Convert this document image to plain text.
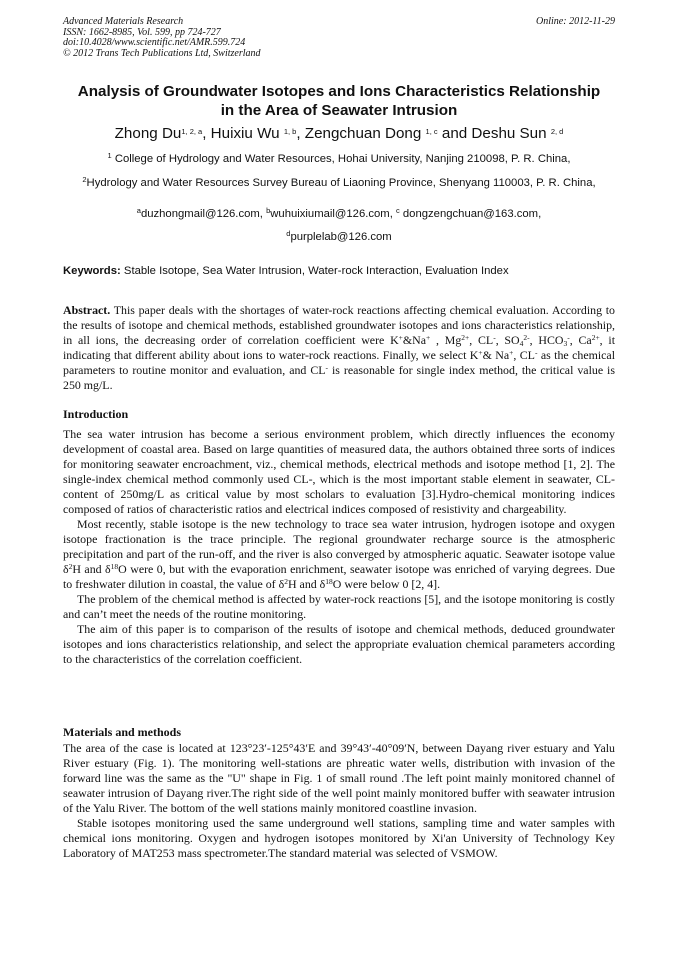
Advanced Materials Research
ISSN: 1662-8985, Vol. 599, pp 724-727
doi:10.4028/www.scientific.net/AMR.599.724
© 2012 Trans Tech Publications Ltd, Switzerland
Online: 2012-11-29
Analysis of Groundwater Isotopes and Ions Characteristics Relationship
in the Area of Seawater Intrusion
Zhong Du$^{1, 2, a}$, Huixiu Wu $^{1, b}$, Zengchuan Dong $^{1, c}$ and Deshu Sun $^{2, d}$
$^1$ College of Hydrology and Water Resources, Hohai University, Nanjing 210098, P. R. China,
$^2$Hydrology and Water Resources Survey Bureau of Liaoning Province, Shenyang 110003, P. R. China,
$^a$duzhongmail@126.com, $^b$wuhuixiumail@126.com, $^c$ dongzengchuan@163.com,
$^d$purplelab@126.com
Keywords: Stable Isotope, Sea Water Intrusion, Water-rock Interaction, Evaluation Index

Abstract. This paper deals with the shortages of water-rock reactions affecting chemical evaluation. According to the results of isotope and chemical methods, established groundwater isotopes and ions characteristics relationship, in all ions, the decreasing order of correlation coefficient were K+&Na+ , $Mg^{2+}$, CL-, $SO_4^{2-}$, $HCO_3^-$, $Ca^{2+}$, it indicating that different ability about ions to water-rock reactions. Finally, we select K+& Na+, CL- as the chemical parameters to routine monitor and evaluation, and CL- is reasonable for single index method, the critical value is 250 mg/L.

Introduction

The sea water intrusion has become a serious environment problem, which directly influences the economy development of coastal area. Based on large quantities of measured data, the authors obtained three sorts of indices for monitoring seawater encroachment, viz., chemical methods, electrical methods and isotope method [1, 2]. The single-index chemical method commonly used CL-, which is the most important stable element in seawater, CL- content of 250mg/L as critical value by most scholars to evaluation [3].Hydro-chemical monitoring indices composed of ratios of characteristic ratios and electrical indices composed of resistivity and chargeability.

Most recently, stable isotope is the new technology to trace sea water intrusion, hydrogen isotope and oxygen isotope fractionation is the trace principle. The regional groundwater recharge source is the atmospheric precipitation and part of the run-off, and the river is also converged by atmospheric aquatic. Seawater isotope value $\delta^2H$ and $\delta^{18}O$ were 0, but with the evaporation enrichment, seawater isotope was enriched of varying degrees. Due to freshwater dilution in coastal, the value of $\delta^2H$ and $\delta^{18}O$ were below 0 [2, 4].

The problem of the chemical method is affected by water-rock reactions [5], and the isotope monitoring is costly and can’t meet the needs of the routine monitoring.

The aim of this paper is to comparison of the results of isotope and chemical methods, deduced groundwater isotopes and ions characteristics relationship, and select the appropriate evaluation chemical parameters according to the characteristics of the correlation coefficient.

Materials and methods

The area of the case is located at 123°23′-125°43′E and 39°43′-40°09′N, between Dayang river estuary and Yalu River estuary (Fig. 1). The monitoring well-stations are phreatic water wells, distribution with invasion of the forward line was the same as the "U" shape in Fig. 1 of small round .The left point mainly monitored channel of seawater intrusion of Dayang river.The right side of the well point mainly monitored buffer with seawater intrusion of the Yalu River. The bottom of the well stations mainly monitored coastline invasion.

Stable isotopes monitoring used the same underground well stations, sampling time and water samples with chemical ions monitoring. Oxygen and hydrogen isotopes monitored by Xi'an University of Technology Key Laboratory of MAT253 mass spectrometer.The standard material was selected of VSMOW.
